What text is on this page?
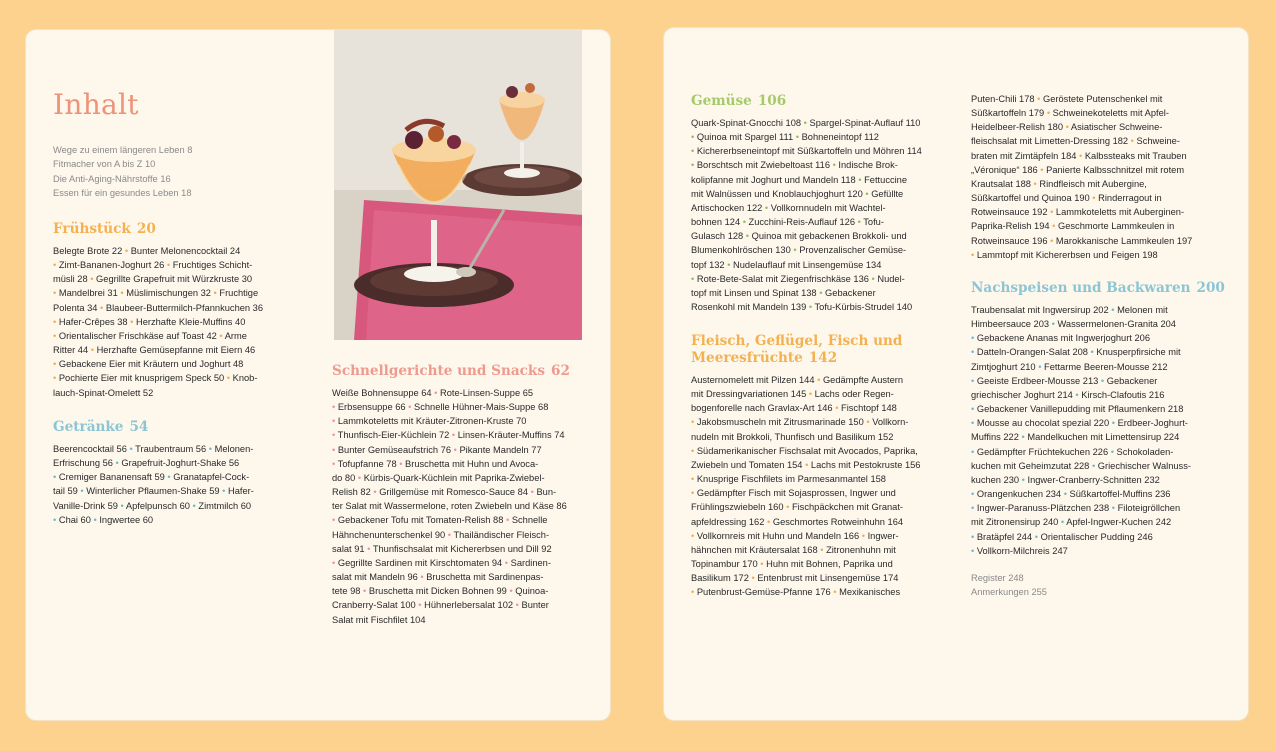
Inhalt
Wege zu einem längeren Leben 8
Fitmacher von A bis Z 10
Die Anti-Aging-Nährstoffe 16
Essen für ein gesundes Leben 18
Frühstück 20
Belegte Brote 22 • Bunter Melonencocktail 24
• Zimt-Bananen-Joghurt 26 • Fruchtiges Schicht-
müsli 28 • Gegrillte Grapefruit mit Würzkruste 30
• Mandelbrei 31 • Müslimischungen 32 • Fruchtige
Polenta 34 • Blaubeer-Buttermilch-Pfannkuchen 36
• Hafer-Crêpes 38 • Herzhafte Kleie-Muffins 40
• Orientalischer Frischkäse auf Toast 42 • Arme
Ritter 44 • Herzhafte Gemüsepfanne mit Eiern 46
• Gebackene Eier mit Kräutern und Joghurt 48
• Pochierte Eier mit knusprigem Speck 50 • Knob-
lauch-Spinat-Omelett 52
Getränke 54
Beerencocktail 56 • Traubentraum 56 • Melonen-
Erfrischung 56 • Grapefruit-Joghurt-Shake 56
• Cremiger Bananensaft 59 • Granatapfel-Cock-
tail 59 • Winterlicher Pflaumen-Shake 59 • Hafer-
Vanille-Drink 59 • Apfelpunsch 60 • Zimtmilch 60
• Chai 60 • Ingwertee 60
Schnellgerichte und Snacks 62
Weiße Bohnensuppe 64 • Rote-Linsen-Suppe 65
• Erbsensuppe 66 • Schnelle Hühner-Mais-Suppe 68
• Lammkoteletts mit Kräuter-Zitronen-Kruste 70
• Thunfisch-Eier-Küchlein 72 • Linsen-Kräuter-Muffins 74
• Bunter Gemüseaufstrich 76 • Pikante Mandeln 77
• Tofupfanne 78 • Bruschetta mit Huhn und Avoca-
do 80 • Kürbis-Quark-Küchlein mit Paprika-Zwiebel-
Relish 82 • Grillgemüse mit Romesco-Sauce 84 • Bun-
ter Salat mit Wassermelone, roten Zwiebeln und Käse 86
• Gebackener Tofu mit Tomaten-Relish 88 • Schnelle
Hähnchenunterschenkel 90 • Thailändischer Fleisch-
salat 91 • Thunfischsalat mit Kichererbsen und Dill 92
• Gegrillte Sardinen mit Kirschtomaten 94 • Sardinen-
salat mit Mandeln 96 • Bruschetta mit Sardinenpas-
tete 98 • Bruschetta mit Dicken Bohnen 99 • Quinoa-
Cranberry-Salat 100 • Hühnerlebersalat 102 • Bunter
Salat mit Fischfilet 104
Gemüse 106
Quark-Spinat-Gnocchi 108 • Spargel-Spinat-Auflauf 110
• Quinoa mit Spargel 111 • Bohneneintopf 112
• Kichererbseneintopf mit Süßkartoffeln und Möhren 114
• Borschtsch mit Zwiebeltoast 116 • Indische Brok-
kolipfanne mit Joghurt und Mandeln 118 • Fettuccine
mit Walnüssen und Knoblauchjoghurt 120 • Gefüllte
Artischocken 122 • Vollkornnudeln mit Wachtel-
bohnen 124 • Zucchini-Reis-Auflauf 126 • Tofu-
Gulasch 128 • Quinoa mit gebackenen Brokkoli- und
Blumenkohlröschen 130 • Provenzalischer Gemüse-
topf 132 • Nudelauflauf mit Linsengemüse 134
• Rote-Bete-Salat mit Ziegenfrischkäse 136 • Nudel-
topf mit Linsen und Spinat 138 • Gebackener
Rosenkohl mit Mandeln 139 • Tofu-Kürbis-Strudel 140
Fleisch, Geflügel, Fisch und
Meeresfrüchte 142
Austernomelett mit Pilzen 144 • Gedämpfte Austern
mit Dressingvariationen 145 • Lachs oder Regen-
bogenforelle nach Gravlax-Art 146 • Fischtopf 148
• Jakobsmuscheln mit Zitrusmarinade 150 • Vollkorn-
nudeln mit Brokkoli, Thunfisch und Basilikum 152
• Südamerikanischer Fischsalat mit Avocados, Paprika,
Zwiebeln und Tomaten 154 • Lachs mit Pestokruste 156
• Knusprige Fischfilets im Parmesanmantel 158
• Gedämpfter Fisch mit Sojasprossen, Ingwer und
Frühlingszwiebeln 160 • Fischpäckchen mit Granat-
apfeldressing 162 • Geschmortes Rotweinhuhn 164
• Vollkornreis mit Huhn und Mandeln 166 • Ingwer-
hähnchen mit Kräutersalat 168 • Zitronenhuhn mit
Topinambur 170 • Huhn mit Bohnen, Paprika und
Basilikum 172 • Entenbrust mit Linsengemüse 174
• Putenbrust-Gemüse-Pfanne 176 • Mexikanisches
Puten-Chili 178 • Geröstete Putenschenkel mit
Süßkartoffeln 179 • Schweinekoteletts mit Apfel-
Heidelbeer-Relish 180 • Asiatischer Schweine-
fleischsalat mit Limetten-Dressing 182 • Schweine-
braten mit Zimtäpfeln 184 • Kalbssteaks mit Trauben
„Véronique“ 186 • Panierte Kalbsschnitzel mit rotem
Krautsalat 188 • Rindfleisch mit Aubergine,
Süßkartoffel und Quinoa 190 • Rinderragout in
Rotweinsauce 192 • Lammkoteletts mit Auberginen-
Paprika-Relish 194 • Geschmorte Lammkeulen in
Rotweinsauce 196 • Marokkanische Lammkeulen 197
• Lammtopf mit Kichererbsen und Feigen 198
Nachspeisen und Backwaren 200
Traubensalat mit Ingwersirup 202 • Melonen mit
Himbeersauce 203 • Wassermelonen-Granita 204
• Gebackene Ananas mit Ingwerjoghurt 206
• Datteln-Orangen-Salat 208 • Knusperpfirsiche mit
Zimtjoghurt 210 • Fettarme Beeren-Mousse 212
• Geeiste Erdbeer-Mousse 213 • Gebackener
griechischer Joghurt 214 • Kirsch-Clafoutis 216
• Gebackener Vanillepudding mit Pflaumenkern 218
• Mousse au chocolat spezial 220 • Erdbeer-Joghurt-
Muffins 222 • Mandelkuchen mit Limettensirup 224
• Gedämpfter Früchtekuchen 226 • Schokoladen-
kuchen mit Geheimzutat 228 • Griechischer Walnuss-
kuchen 230 • Ingwer-Cranberry-Schnitten 232
• Orangenkuchen 234 • Süßkartoffel-Muffins 236
• Ingwer-Paranuss-Plätzchen 238 • Filoteigröllchen
mit Zitronensirup 240 • Apfel-Ingwer-Kuchen 242
• Bratäpfel 244 • Orientalischer Pudding 246
• Vollkorn-Milchreis 247
Register 248
Anmerkungen 255
